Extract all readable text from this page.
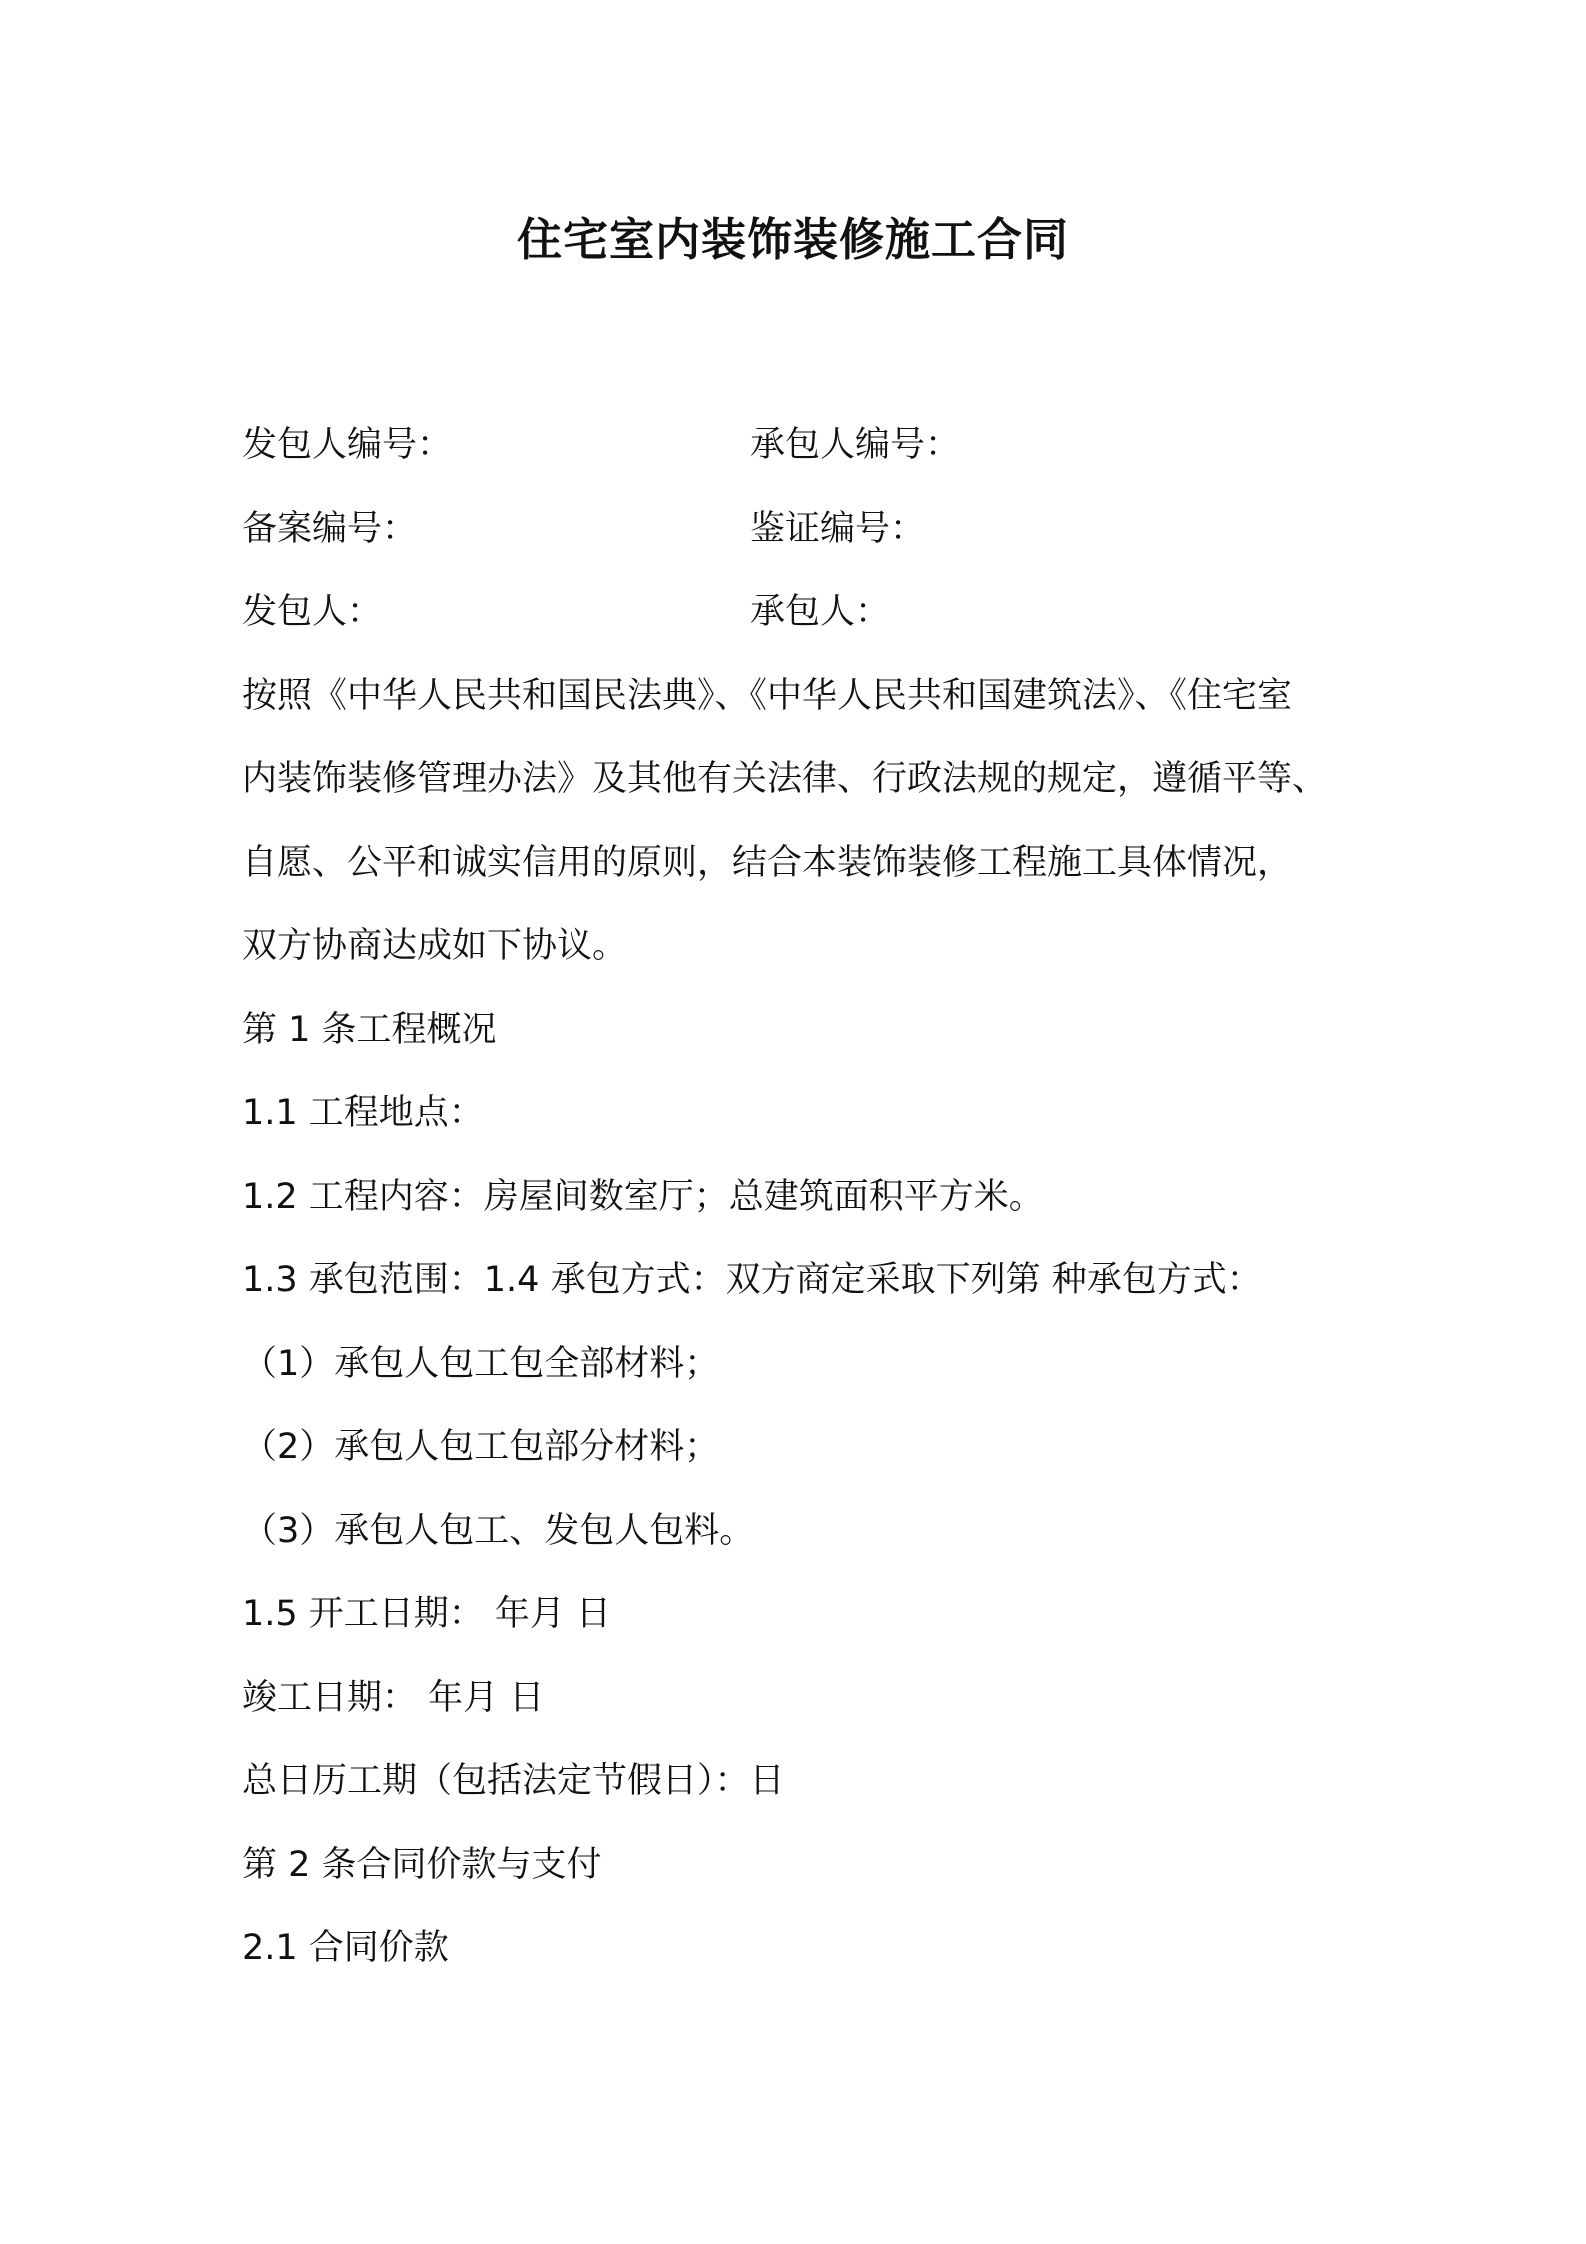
住宅室内装饰装修施工合同
发包人编号：	承包人编号：
备案编号：	鉴证编号：
发包人：	承包人：
按照《中华人民共和国民法典》、《中华人民共和国建筑法》、《住宅室
内装饰装修管理办法》及其他有关法律、行政法规的规定，遵循平等、
自愿、公平和诚实信用的原则，结合本装饰装修工程施工具体情况，
双方协商达成如下协议。
第 1 条工程概况
1.1 工程地点：
1.2 工程内容：房屋间数室厅；总建筑面积平方米。
1.3 承包范围：1.4 承包方式：双方商定采取下列第 种承包方式：
（1）承包人包工包全部材料；
（2）承包人包工包部分材料；
（3）承包人包工、发包人包料。
1.5 开工日期： 年月 日
竣工日期： 年月 日
总日历工期（包括法定节假日）：日
第 2 条合同价款与支付
2.1 合同价款
